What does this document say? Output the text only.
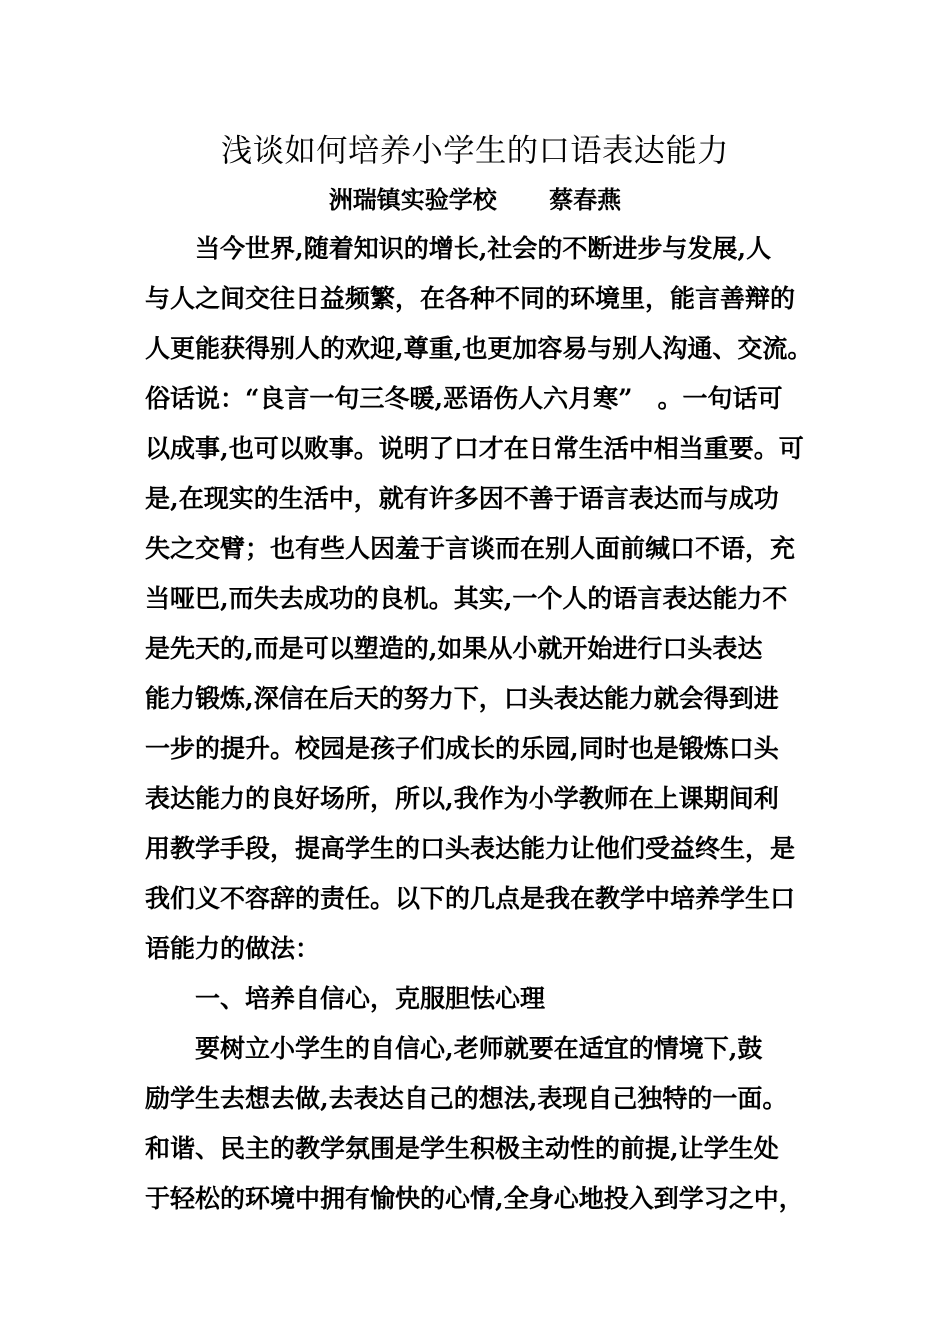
浅谈如何培养小学生的口语表达能力
洲瑞镇实验学校 蔡春燕
当今世界,随着知识的增长,社会的不断进步与发展,人
与人之间交往日益频繁，在各种不同的环境里，能言善辩的
人更能获得别人的欢迎,尊重,也更加容易与别人沟通、交流。
俗话说：“良言一句三冬暖,恶语伤人六月寒”　。一句话可
以成事,也可以败事。说明了口才在日常生活中相当重要。可
是,在现实的生活中，就有许多因不善于语言表达而与成功
失之交臂；也有些人因羞于言谈而在别人面前缄口不语，充
当哑巴,而失去成功的良机。其实,一个人的语言表达能力不
是先天的,而是可以塑造的,如果从小就开始进行口头表达
能力锻炼,深信在后天的努力下，口头表达能力就会得到进
一步的提升。校园是孩子们成长的乐园,同时也是锻炼口头
表达能力的良好场所，所以,我作为小学教师在上课期间利
用教学手段，提高学生的口头表达能力让他们受益终生，是
我们义不容辞的责任。以下的几点是我在教学中培养学生口
语能力的做法：
一、培养自信心，克服胆怯心理
要树立小学生的自信心,老师就要在适宜的情境下,鼓
励学生去想去做,去表达自己的想法,表现自己独特的一面。
和谐、民主的教学氛围是学生积极主动性的前提,让学生处
于轻松的环境中拥有愉快的心情,全身心地投入到学习之中，
